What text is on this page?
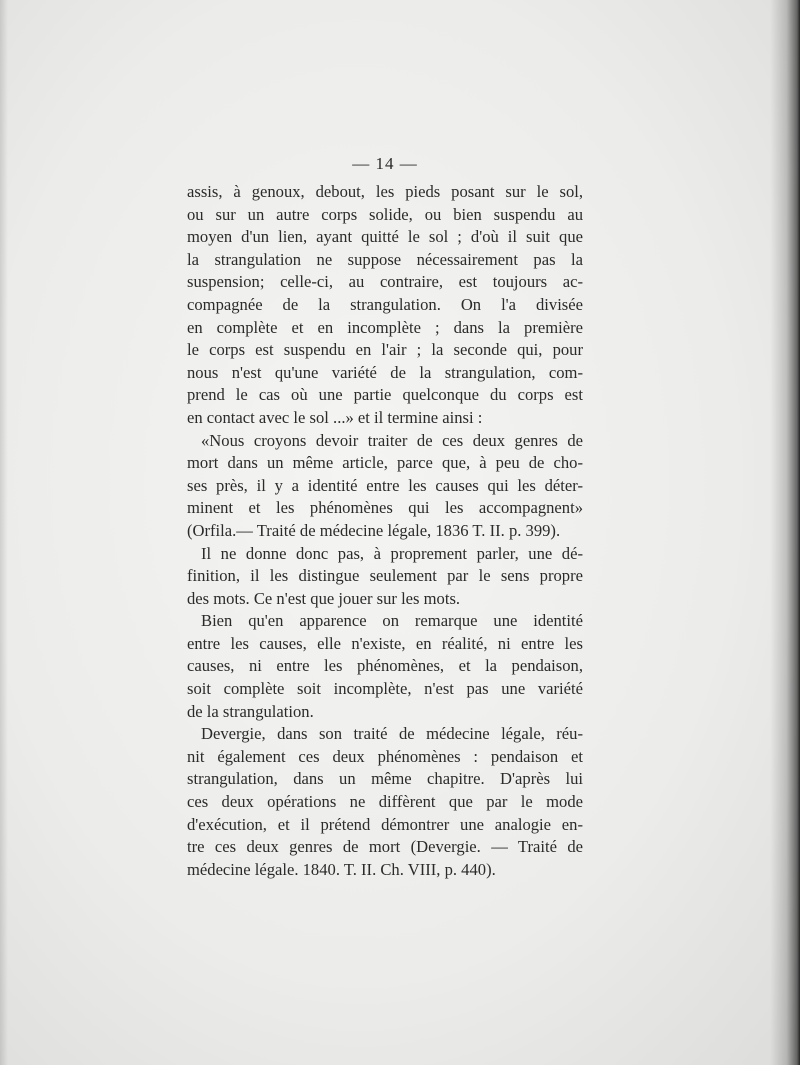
— 14 —
assis, à genoux, debout, les pieds posant sur le sol,
ou sur un autre corps solide, ou bien suspendu au
moyen d'un lien, ayant quitté le sol ; d'où il suit que
la strangulation ne suppose nécessairement pas la
suspension; celle-ci, au contraire, est toujours ac-
compagnée de la strangulation. On l'a divisée
en complète et en incomplète ; dans la première
le corps est suspendu en l'air ; la seconde qui, pour
nous n'est qu'une variété de la strangulation, com-
prend le cas où une partie quelconque du corps est
en contact avec le sol ...» et il termine ainsi :
«Nous croyons devoir traiter de ces deux genres de
mort dans un même article, parce que, à peu de cho-
ses près, il y a identité entre les causes qui les déter-
minent et les phénomènes qui les accompagnent»
(Orfila.— Traité de médecine légale, 1836 T. II. p. 399).
Il ne donne donc pas, à proprement parler, une dé-
finition, il les distingue seulement par le sens propre
des mots. Ce n'est que jouer sur les mots.
Bien qu'en apparence on remarque une identité
entre les causes, elle n'existe, en réalité, ni entre les
causes, ni entre les phénomènes, et la pendaison,
soit complète soit incomplète, n'est pas une variété
de la strangulation.
Devergie, dans son traité de médecine légale, réu-
nit également ces deux phénomènes : pendaison et
strangulation, dans un même chapitre. D'après lui
ces deux opérations ne diffèrent que par le mode
d'exécution, et il prétend démontrer une analogie en-
tre ces deux genres de mort (Devergie. — Traité de
médecine légale. 1840. T. II. Ch. VIII, p. 440).
